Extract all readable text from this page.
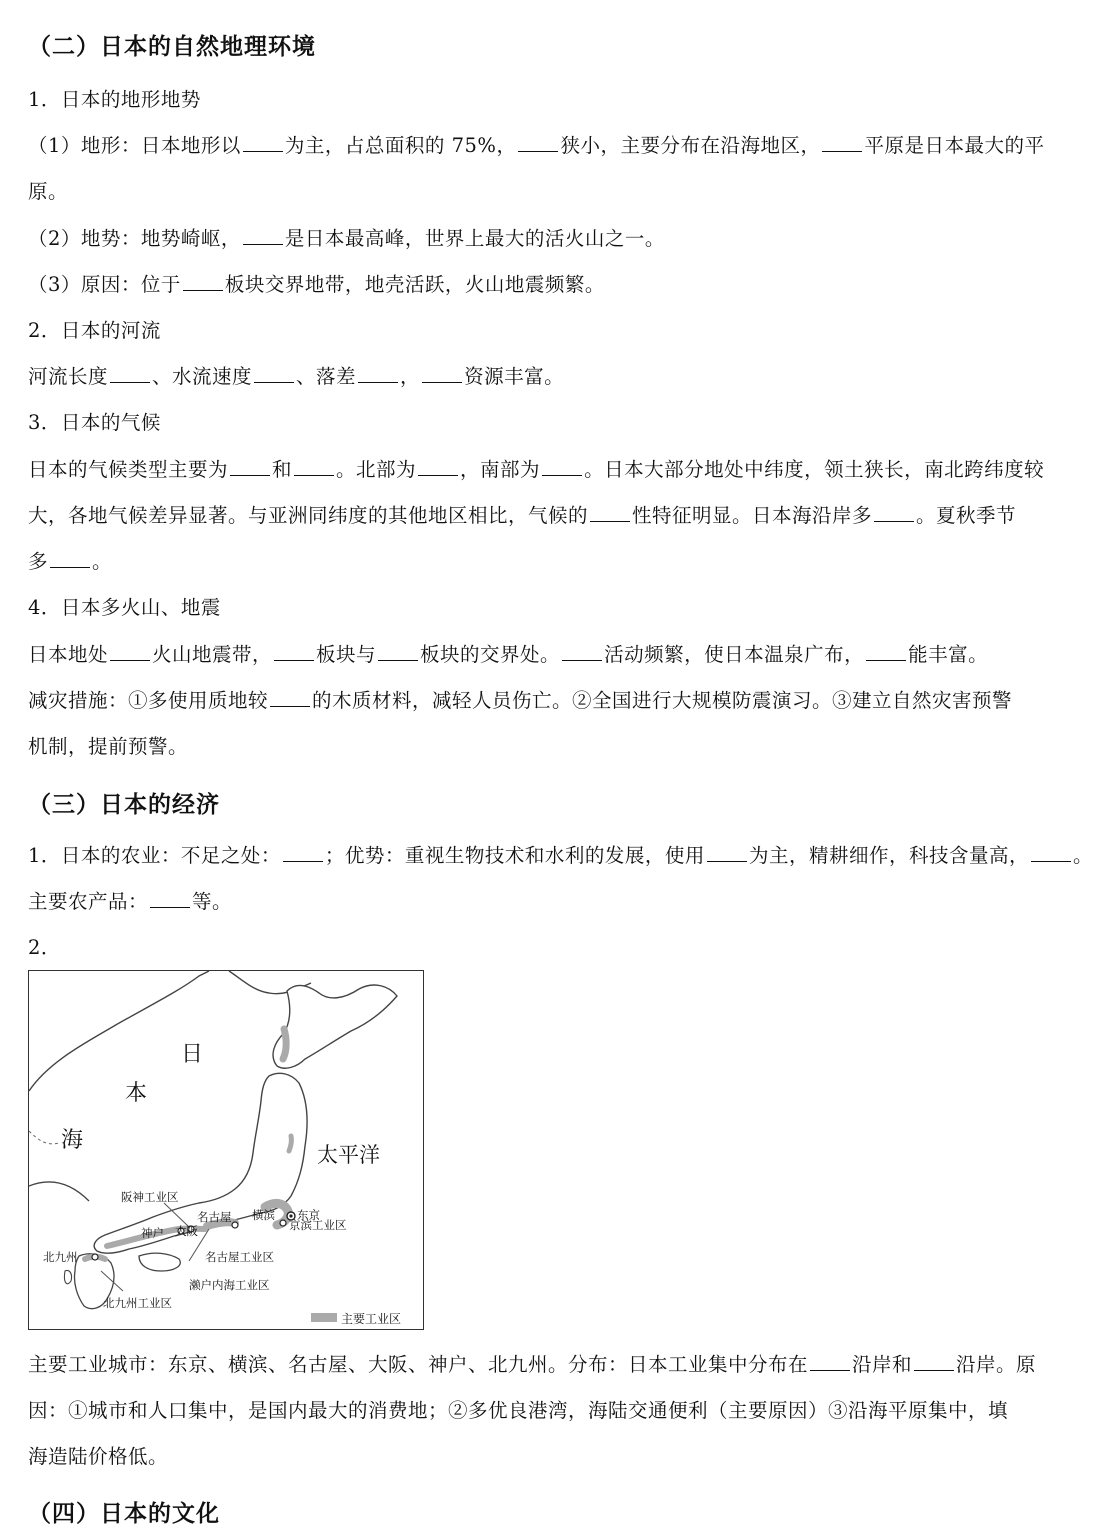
（二）日本的自然地理环境
1．日本的地形地势
（1）地形：日本地形以 为主，占总面积的 75%， 狭小，主要分布在沿海地区， 平原是日本最大的平
原。
（2）地势：地势崎岖， 是日本最高峰，世界上最大的活火山之一。
（3）原因：位于 板块交界地带，地壳活跃，火山地震频繁。
2．日本的河流
河流长度 、水流速度 、落差 ， 资源丰富。
3．日本的气候
日本的气候类型主要为 和 。北部为 ，南部为 。日本大部分地处中纬度，领土狭长，南北跨纬度较
大，各地气候差异显著。与亚洲同纬度的其他地区相比，气候的 性特征明显。日本海沿岸多 。夏秋季节
多 。
4．日本多火山、地震
日本地处 火山地震带， 板块与 板块的交界处。 活动频繁，使日本温泉广布， 能丰富。
减灾措施：①多使用质地较 的木质材料，减轻人员伤亡。②全国进行大规模防震演习。③建立自然灾害预警
机制，提前预警。
（三）日本的经济
1．日本的农业：不足之处： ；优势：重视生物技术和水利的发展，使用 为主，精耕细作，科技含量高， 。
主要农产品： 等。
2．
日
本
海
太平洋
阪神工业区
名古屋 横滨 东京
京滨工业区
神户 大阪
名古屋工业区
北九州
濑户内海工业区
北九州工业区
主要工业区
主要工业城市：东京、横滨、名古屋、大阪、神户、北九州。分布：日本工业集中分布在 沿岸和 沿岸。原
因：①城市和人口集中，是国内最大的消费地；②多优良港湾，海陆交通便利（主要原因）③沿海平原集中，填
海造陆价格低。
（四）日本的文化
